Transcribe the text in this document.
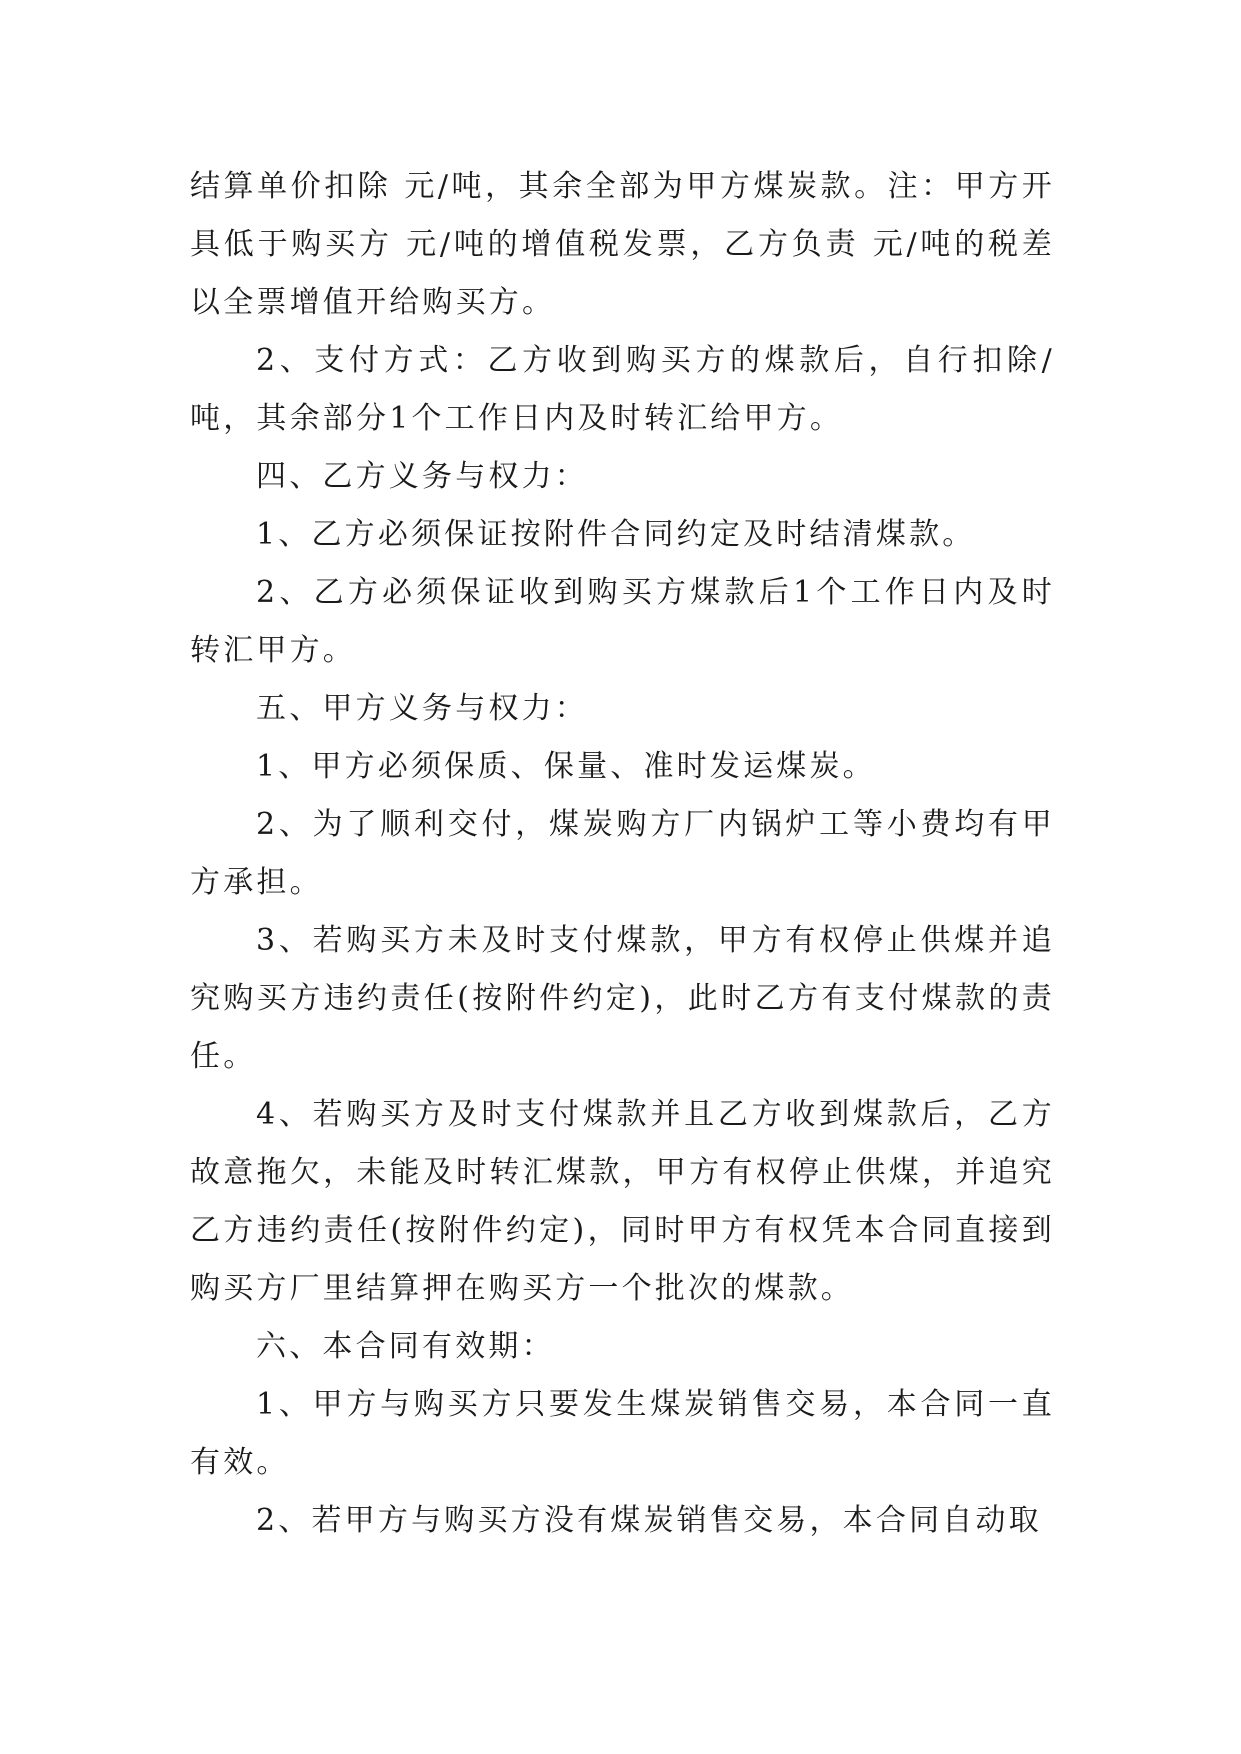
结算单价扣除 元/吨，其余全部为甲方煤炭款。注：甲方开具低于购买方 元/吨的增值税发票，乙方负责 元/吨的税差以全票增值开给购买方。

2、支付方式：乙方收到购买方的煤款后，自行扣除/吨，其余部分1个工作日内及时转汇给甲方。

四、乙方义务与权力：

1、乙方必须保证按附件合同约定及时结清煤款。

2、乙方必须保证收到购买方煤款后1个工作日内及时转汇甲方。

五、甲方义务与权力：

1、甲方必须保质、保量、准时发运煤炭。

2、为了顺利交付，煤炭购方厂内锅炉工等小费均有甲方承担。

3、若购买方未及时支付煤款，甲方有权停止供煤并追究购买方违约责任(按附件约定)，此时乙方有支付煤款的责任。

4、若购买方及时支付煤款并且乙方收到煤款后，乙方故意拖欠，未能及时转汇煤款，甲方有权停止供煤，并追究乙方违约责任(按附件约定)，同时甲方有权凭本合同直接到购买方厂里结算押在购买方一个批次的煤款。

六、本合同有效期：

1、甲方与购买方只要发生煤炭销售交易，本合同一直有效。

2、若甲方与购买方没有煤炭销售交易，本合同自动取
